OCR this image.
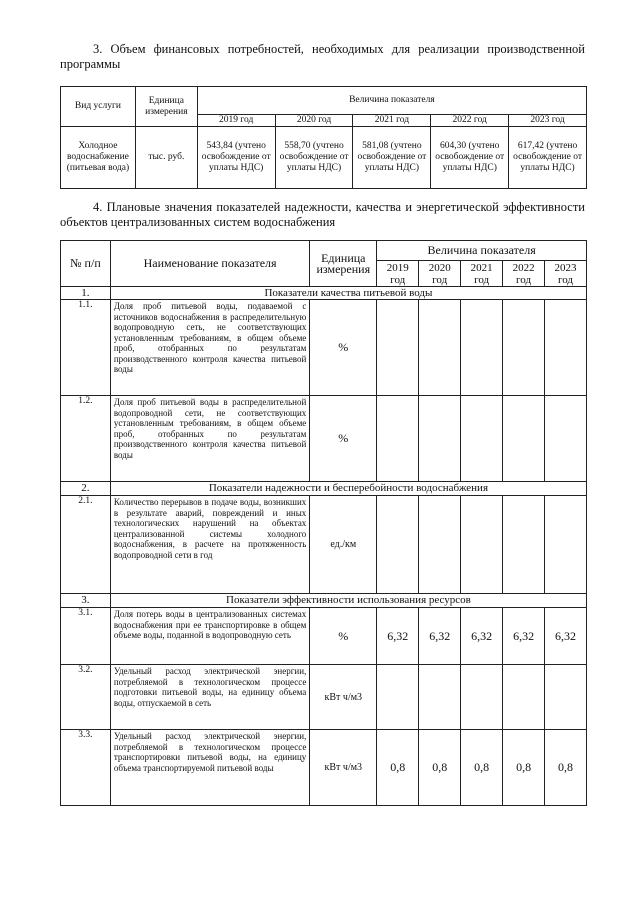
3. Объем финансовых потребностей, необходимых для реализации производственной программы
Вид услуги	Единица измерения	Величина показателя				
		2019 год	2020 год	2021 год	2022 год	2023 год
Холодное водоснабжение (питьевая вода)	тыс. руб.	543,84 (учтено освобождение от уплаты НДС)	558,70 (учтено освобождение от уплаты НДС)	581,08 (учтено освобождение от уплаты НДС)	604,30 (учтено освобождение от уплаты НДС)	617,42 (учтено освобождение от уплаты НДС)
4. Плановые значения показателей надежности, качества и энергетической эффективности объектов централизованных систем водоснабжения
№ п/п	Наименование показателя	Единица измерения	Величина показателя				
			2019 год	2020 год	2021 год	2022 год	2023 год
1.	Показатели качества питьевой воды						
1.1.	Доля проб питьевой воды, подаваемой с источников водоснабжения в распределительную водопроводную сеть, не соответствующих установленным требованиям, в общем объеме проб, отобранных по результатам производственного контроля качества питьевой воды	%					
1.2.	Доля проб питьевой воды в распределительной водопроводной сети, не соответствующих установленным требованиям, в общем объеме проб, отобранных по результатам производственного контроля качества питьевой воды	%					
2.	Показатели надежности и бесперебойности водоснабжения						
2.1.	Количество перерывов в подаче воды, возникших в результате аварий, повреждений и иных технологических нарушений на объектах централизованной системы холодного водоснабжения, в расчете на протяженность водопроводной сети в год	ед./км					
3.	Показатели эффективности использования ресурсов						
3.1.	Доля потерь воды в централизованных системах водоснабжения при ее транспортировке в общем объеме воды, поданной в водопроводную сеть	%	6,32	6,32	6,32	6,32	6,32
3.2.	Удельный расход электрической энергии, потребляемой в технологическом процессе подготовки питьевой воды, на единицу объема воды, отпускаемой в сеть	кВт ч/м3					
3.3.	Удельный расход электрической энергии, потребляемой в технологическом процессе транспортировки питьевой воды, на единицу объема транспортируемой питьевой воды	кВт ч/м3	0,8	0,8	0,8	0,8	0,8
